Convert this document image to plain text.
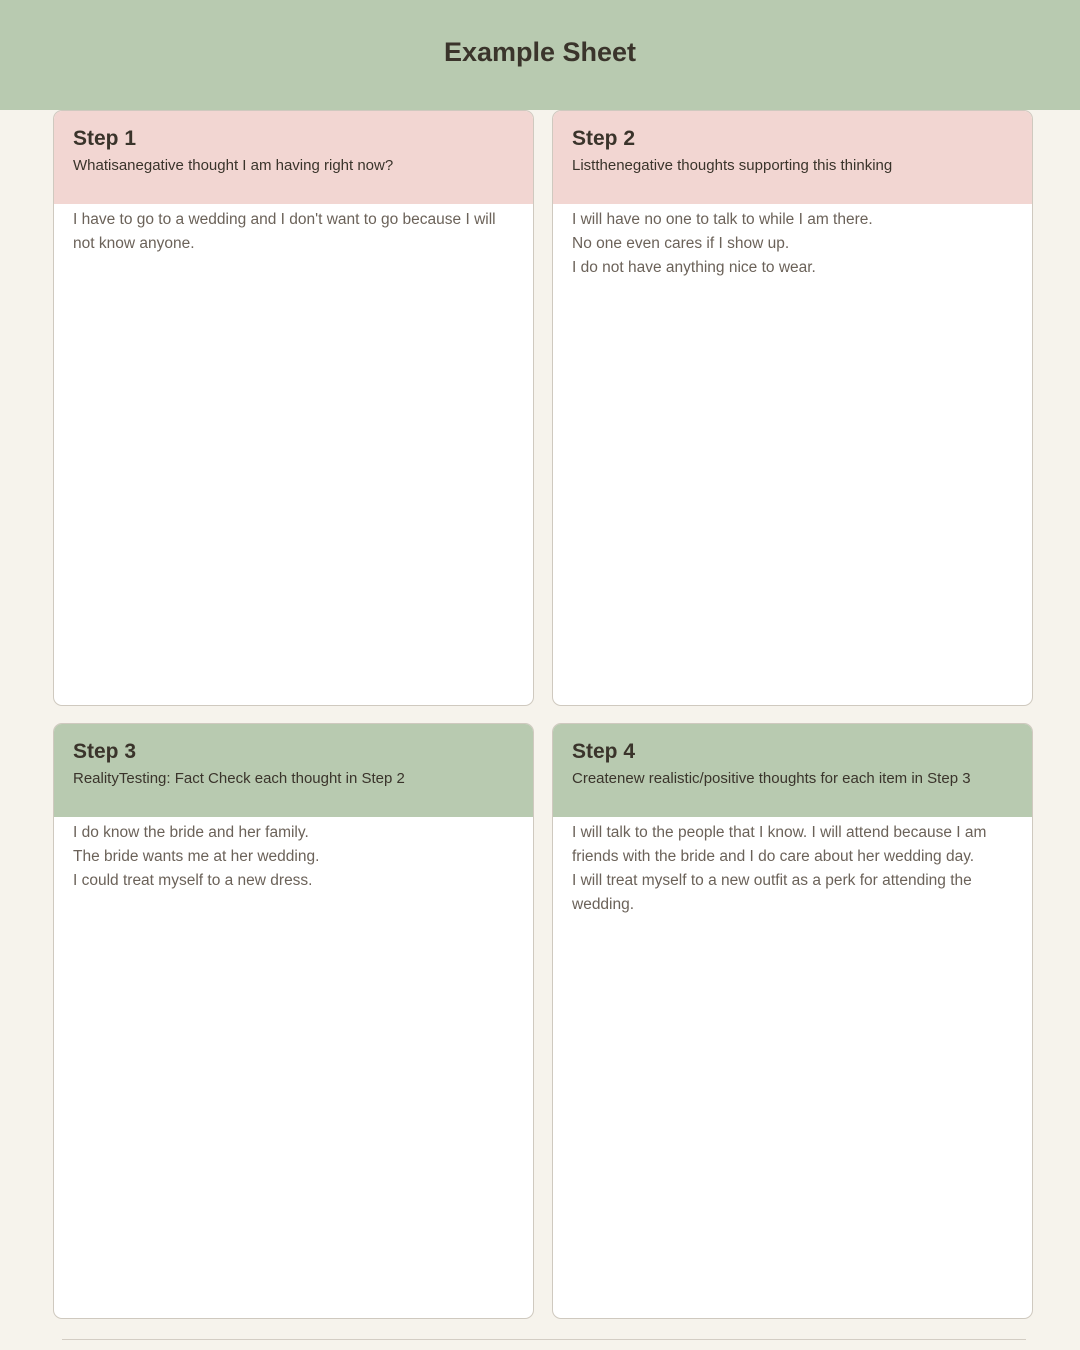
Example Sheet
Step 1
Whatisanegative thought I am having right now?
I have to go to a wedding and I don't want to go because I will
not know anyone.
Step 2
Listthenegative thoughts supporting this thinking
I will have no one to talk to while I am there.
No one even cares if I show up.
I do not have anything nice to wear.
Step 3
RealityTesting: Fact Check each thought in Step 2
I do know the bride and her family.
The bride wants me at her wedding.
I could treat myself to a new dress.
Step 4
Createnew realistic/positive thoughts for each item in Step 3
I will talk to the people that I know. I will attend because I am
friends with the bride and I do care about her wedding day.
I will treat myself to a new outfit as a perk for attending the
wedding.
